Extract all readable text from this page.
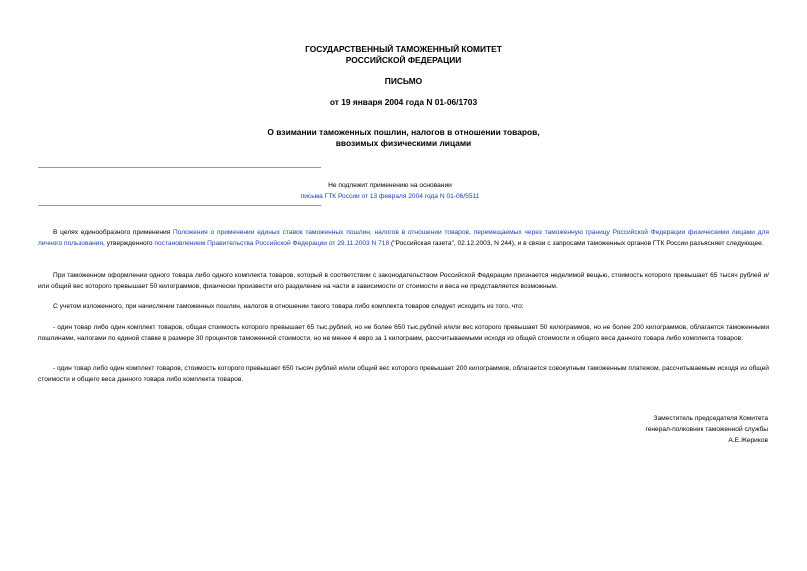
ГОСУДАРСТВЕННЫЙ ТАМОЖЕННЫЙ КОМИТЕТ
РОССИЙСКОЙ ФЕДЕРАЦИИ
ПИСЬМО
от 19 января 2004 года N 01-06/1703
О взимании таможенных пошлин, налогов в отношении товаров,
ввозимых физическими лицами
Не подлежит применению на основании
письма ГТК России от 13 февраля 2004 года N 01-06/5511
В целях единообразного применения Положения о применении единых ставок таможенных пошлин, налогов в отношении товаров, перемещаемых через таможенную границу Российской Федерации физическими лицами для личного пользования, утвержденного постановлением Правительства Российской Федерации от 29.11.2003 N 718 ("Российская газета", 02.12.2003, N 244), и в связи с запросами таможенных органов ГТК России разъясняет следующее.
При таможенном оформлении одного товара либо одного комплекта товаров, который в соответствии с законодательством Российской Федерации признается неделимой вещью, стоимость которого превышает 65 тысяч рублей и/или общий вес которого превышает 50 килограммов, физически произвести его разделение на части в зависимости от стоимости и веса не представляется возможным.
С учетом изложенного, при начислении таможенных пошлин, налогов в отношении такого товара либо комплекта товаров следует исходить из того, что:
- один товар либо один комплект товаров, общая стоимость которого превышает 65 тыс.рублей, но не более 650 тыс.рублей и/или вес которого превышает 50 килограммов, но не более 200 килограммов, облагается таможенными пошлинами, налогами по единой ставке в размере 30 процентов таможенной стоимости, но не менее 4 евро за 1 килограмм, рассчитываемыми исходя из общей стоимости и общего веса данного товара либо комплекта товаров;
- один товар либо один комплект товаров, стоимость которого превышает 650 тысяч рублей и/или общий вес которого превышает 200 килограммов, облагается совокупным таможенным платежом, рассчитываемым исходя из общей стоимости и общего веса данного товара либо комплекта товаров.
Заместитель председателя Комитета
генерал-полковник таможенной службы
А.Е.Жериков
